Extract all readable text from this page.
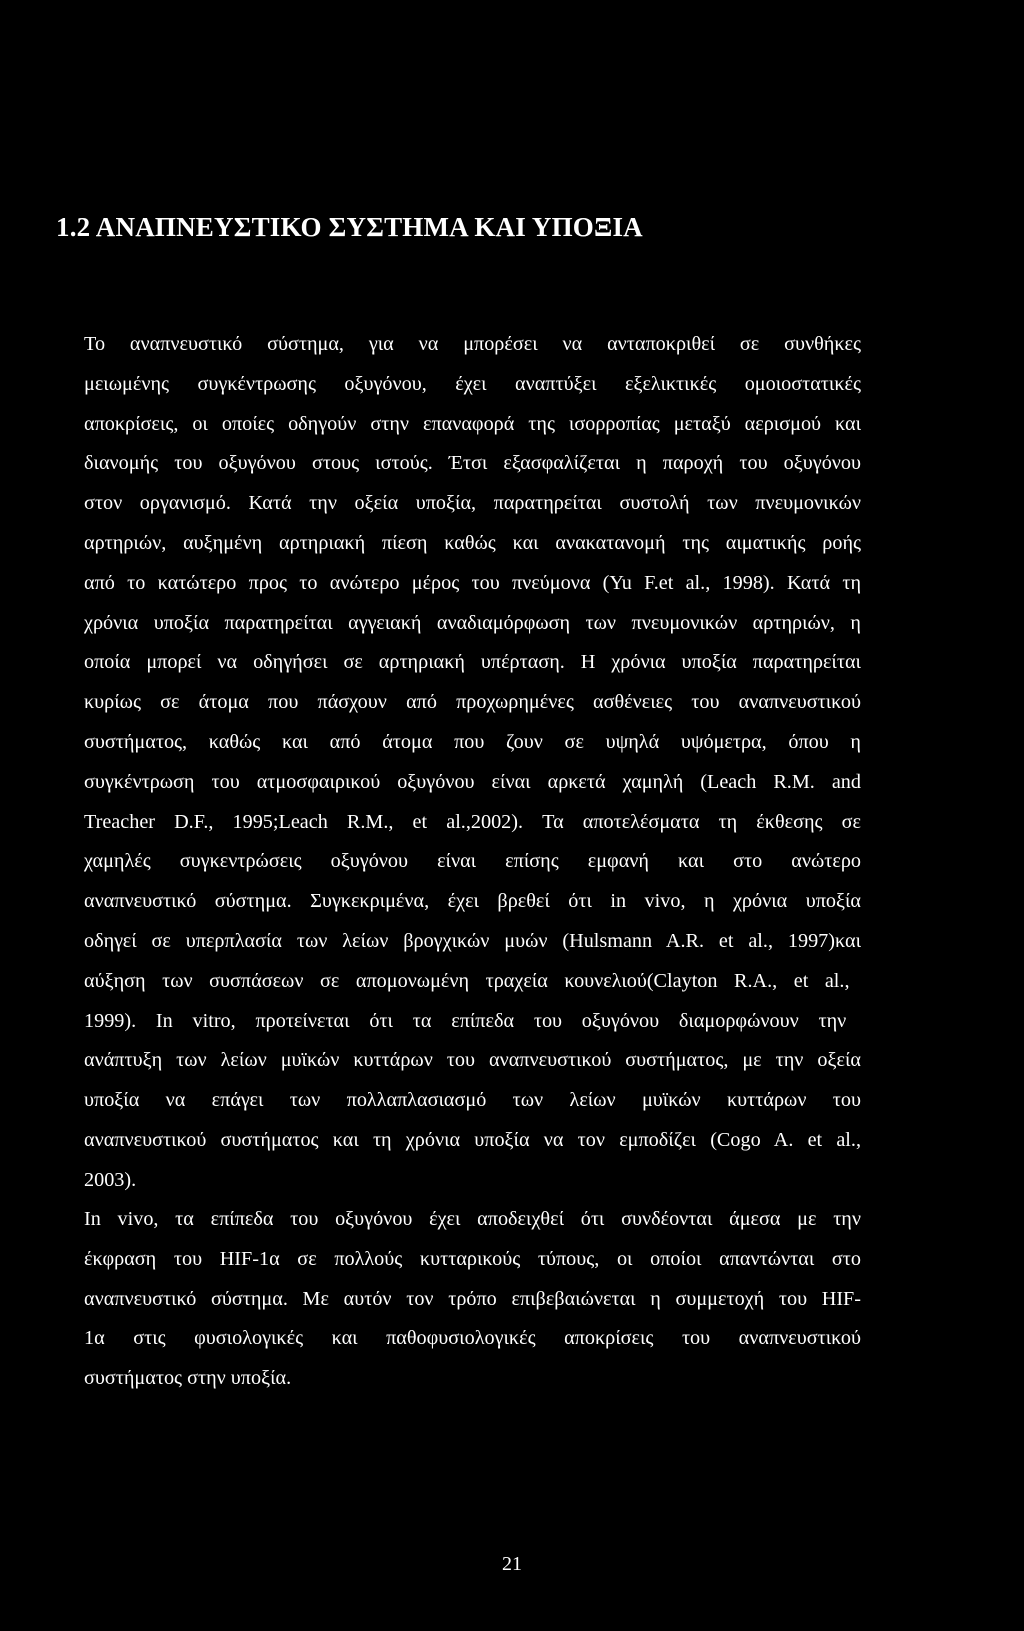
1.2 ΑΝΑΠΝΕΥΣΤΙΚΟ ΣΥΣΤΗΜΑ ΚΑΙ ΥΠΟΞΙΑ
Το αναπνευστικό σύστημα, για να μπορέσει να ανταποκριθεί σε συνθήκες
μειωμένης συγκέντρωσης οξυγόνου, έχει αναπτύξει εξελικτικές ομοιοστατικές
αποκρίσεις, οι οποίες οδηγούν στην επαναφορά της ισορροπίας μεταξύ αερισμού και
διανομής του οξυγόνου στους ιστούς. Έτσι εξασφαλίζεται η παροχή του οξυγόνου
στον οργανισμό. Κατά την οξεία υποξία, παρατηρείται συστολή των πνευμονικών
αρτηριών, αυξημένη αρτηριακή πίεση καθώς και ανακατανομή της αιματικής ροής
από το κατώτερο προς το ανώτερο μέρος του πνεύμονα (Yu F.et al., 1998). Κατά τη
χρόνια υποξία παρατηρείται αγγειακή αναδιαμόρφωση των πνευμονικών αρτηριών, η
οποία μπορεί να οδηγήσει σε αρτηριακή υπέρταση. Η χρόνια υποξία παρατηρείται
κυρίως σε άτομα που πάσχουν από προχωρημένες ασθένειες του αναπνευστικού
συστήματος, καθώς και από άτομα που ζουν σε υψηλά υψόμετρα, όπου η
συγκέντρωση του ατμοσφαιρικού οξυγόνου είναι αρκετά χαμηλή (Leach R.M. and
Treacher D.F., 1995;Leach R.M., et al.,2002). Τα αποτελέσματα τη έκθεσης σε
χαμηλές συγκεντρώσεις οξυγόνου είναι επίσης εμφανή και στο ανώτερο
αναπνευστικό σύστημα. Συγκεκριμένα, έχει βρεθεί ότι in vivo, η χρόνια υποξία
οδηγεί σε υπερπλασία των λείων βρογχικών μυών (Hulsmann A.R. et al., 1997)και
αύξηση των συσπάσεων σε απομονωμένη τραχεία κουνελιού(Clayton R.A., et al.,
1999). In vitro, προτείνεται ότι τα επίπεδα του οξυγόνου διαμορφώνουν την
ανάπτυξη των λείων μυϊκών κυττάρων του αναπνευστικού συστήματος, με την οξεία
υποξία να επάγει των πολλαπλασιασμό των λείων μυϊκών κυττάρων του
αναπνευστικού συστήματος και τη χρόνια υποξία να τον εμποδίζει (Cogo A. et al.,
2003).
In vivo, τα επίπεδα του οξυγόνου έχει αποδειχθεί ότι συνδέονται άμεσα με την
έκφραση του HIF-1α σε πολλούς κυτταρικούς τύπους, οι οποίοι απαντώνται στο
αναπνευστικό σύστημα. Με αυτόν τον τρόπο επιβεβαιώνεται η συμμετοχή του HIF-
1α στις φυσιολογικές και παθοφυσιολογικές αποκρίσεις του αναπνευστικού
συστήματος στην υποξία.
21
